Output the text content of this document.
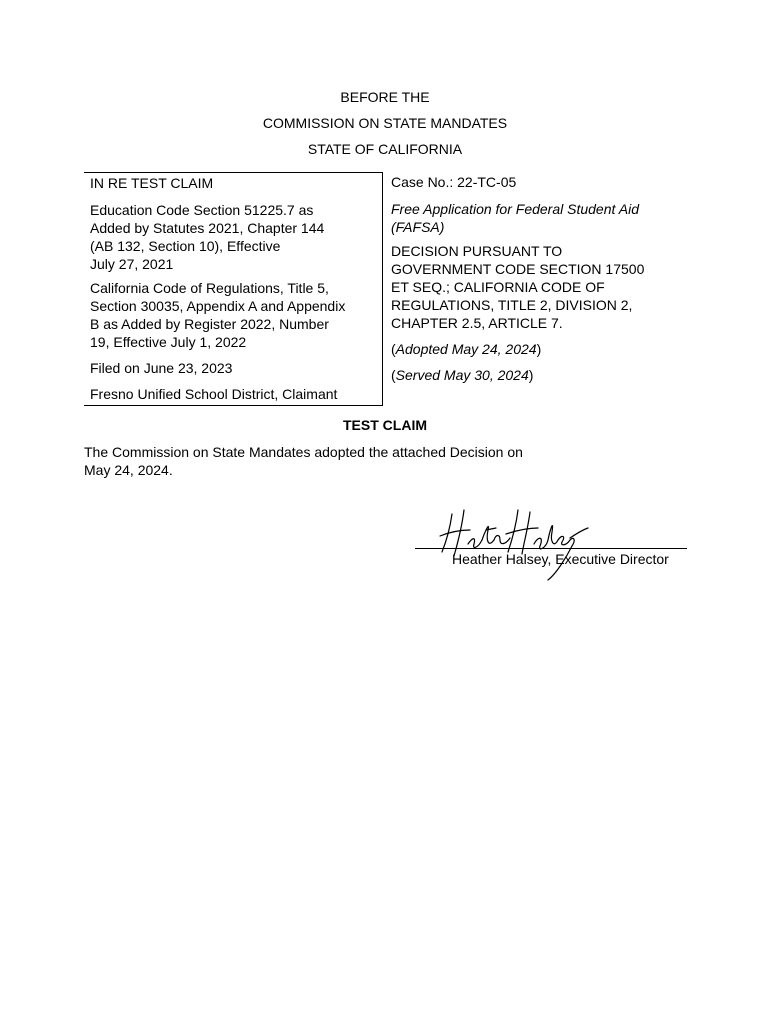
BEFORE THE
COMMISSION ON STATE MANDATES
STATE OF CALIFORNIA
IN RE TEST CLAIM
Education Code Section 51225.7 as
Added by Statutes 2021, Chapter 144
(AB 132, Section 10), Effective
July 27, 2021
California Code of Regulations, Title 5,
Section 30035, Appendix A and Appendix
B as Added by Register 2022, Number
19, Effective July 1, 2022
Filed on June 23, 2023
Fresno Unified School District, Claimant
Case No.: 22-TC-05
Free Application for Federal Student Aid
(FAFSA)
DECISION PURSUANT TO
GOVERNMENT CODE SECTION 17500
ET SEQ.; CALIFORNIA CODE OF
REGULATIONS, TITLE 2, DIVISION 2,
CHAPTER 2.5, ARTICLE 7.
(Adopted May 24, 2024)
(Served May 30, 2024)
TEST CLAIM
The Commission on State Mandates adopted the attached Decision on
May 24, 2024.
Heather Halsey, Executive Director
